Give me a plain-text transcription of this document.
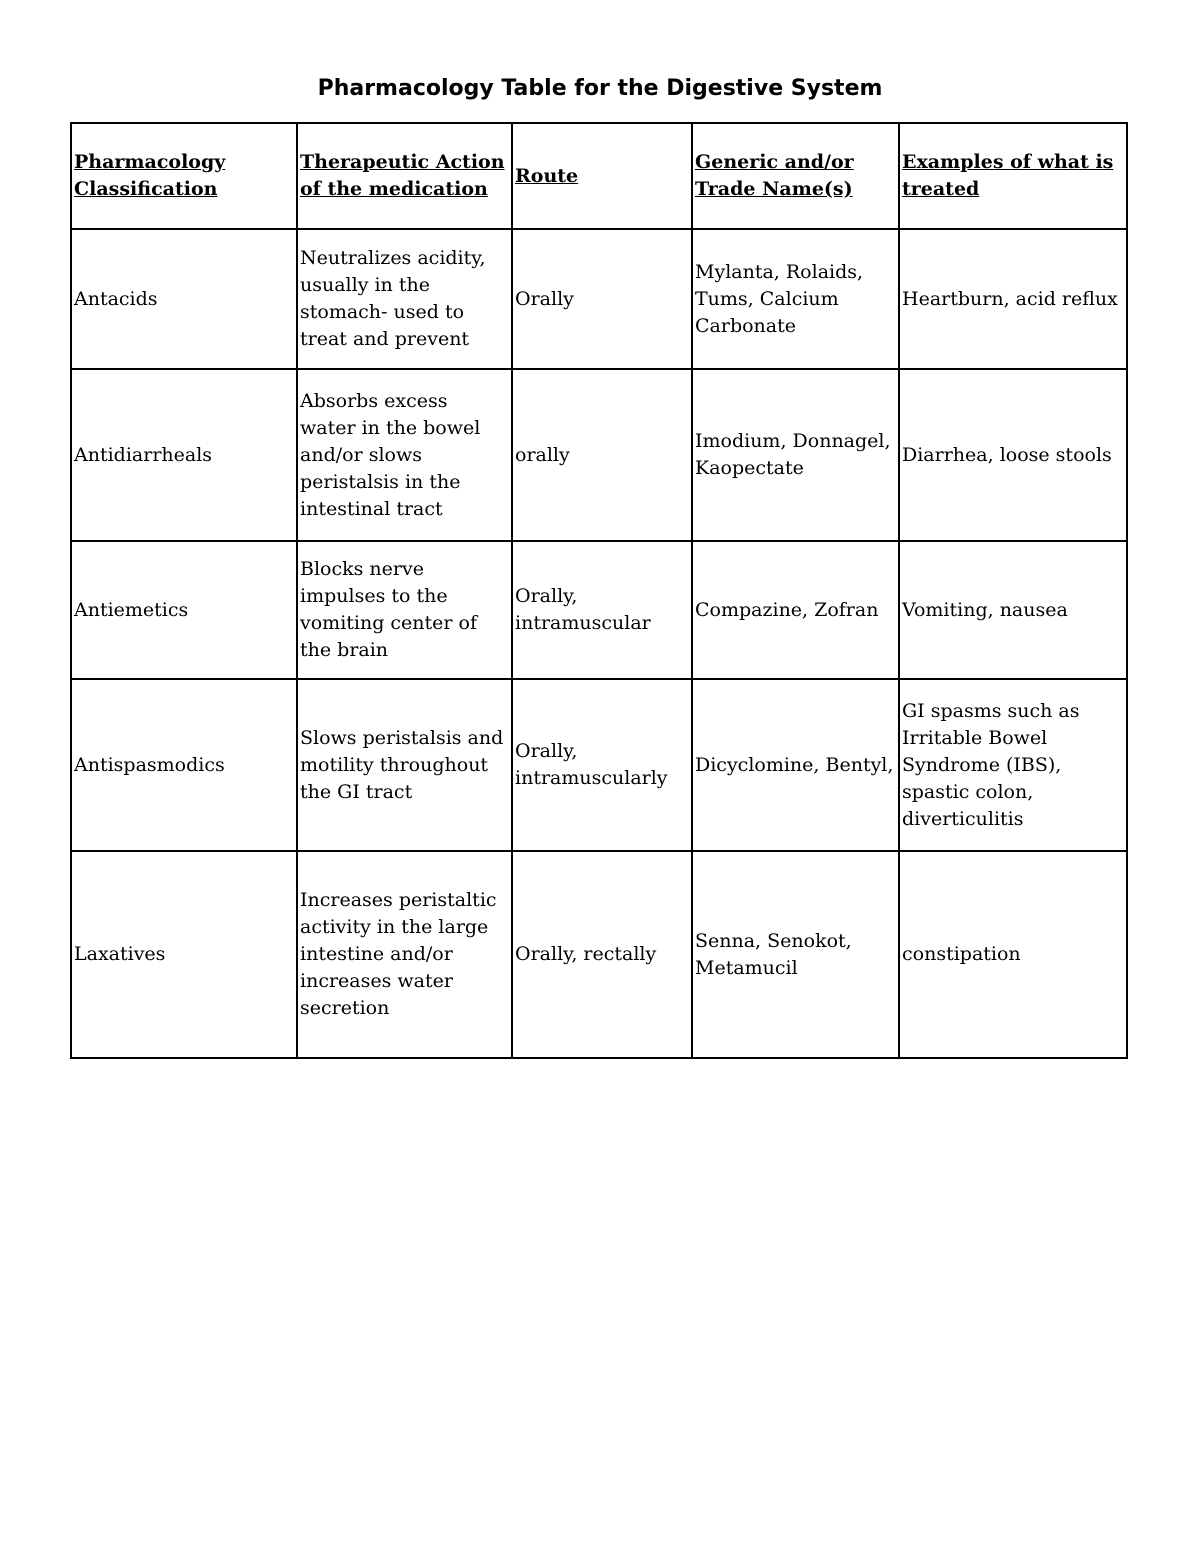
Pharmacology Table for the Digestive System
Pharmacology Classification	Therapeutic Action of the medication	Route	Generic and/or Trade Name(s)	Examples of what is treated
Antacids	Neutralizes acidity, usually in the stomach- used to treat and prevent	Orally	Mylanta, Rolaids, Tums, Calcium Carbonate	Heartburn, acid reflux
Antidiarrheals	Absorbs excess water in the bowel and/or slows peristalsis in the intestinal tract	orally	Imodium, Donnagel, Kaopectate	Diarrhea, loose stools
Antiemetics	Blocks nerve impulses to the vomiting center of the brain	Orally, intramuscular	Compazine, Zofran	Vomiting, nausea
Antispasmodics	Slows peristalsis and motility throughout the GI tract	Orally, intramuscularly	Dicyclomine, Bentyl,	GI spasms such as Irritable Bowel Syndrome (IBS), spastic colon, diverticulitis
Laxatives	Increases peristaltic activity in the large intestine and/or increases water secretion	Orally, rectally	Senna, Senokot, Metamucil	constipation
